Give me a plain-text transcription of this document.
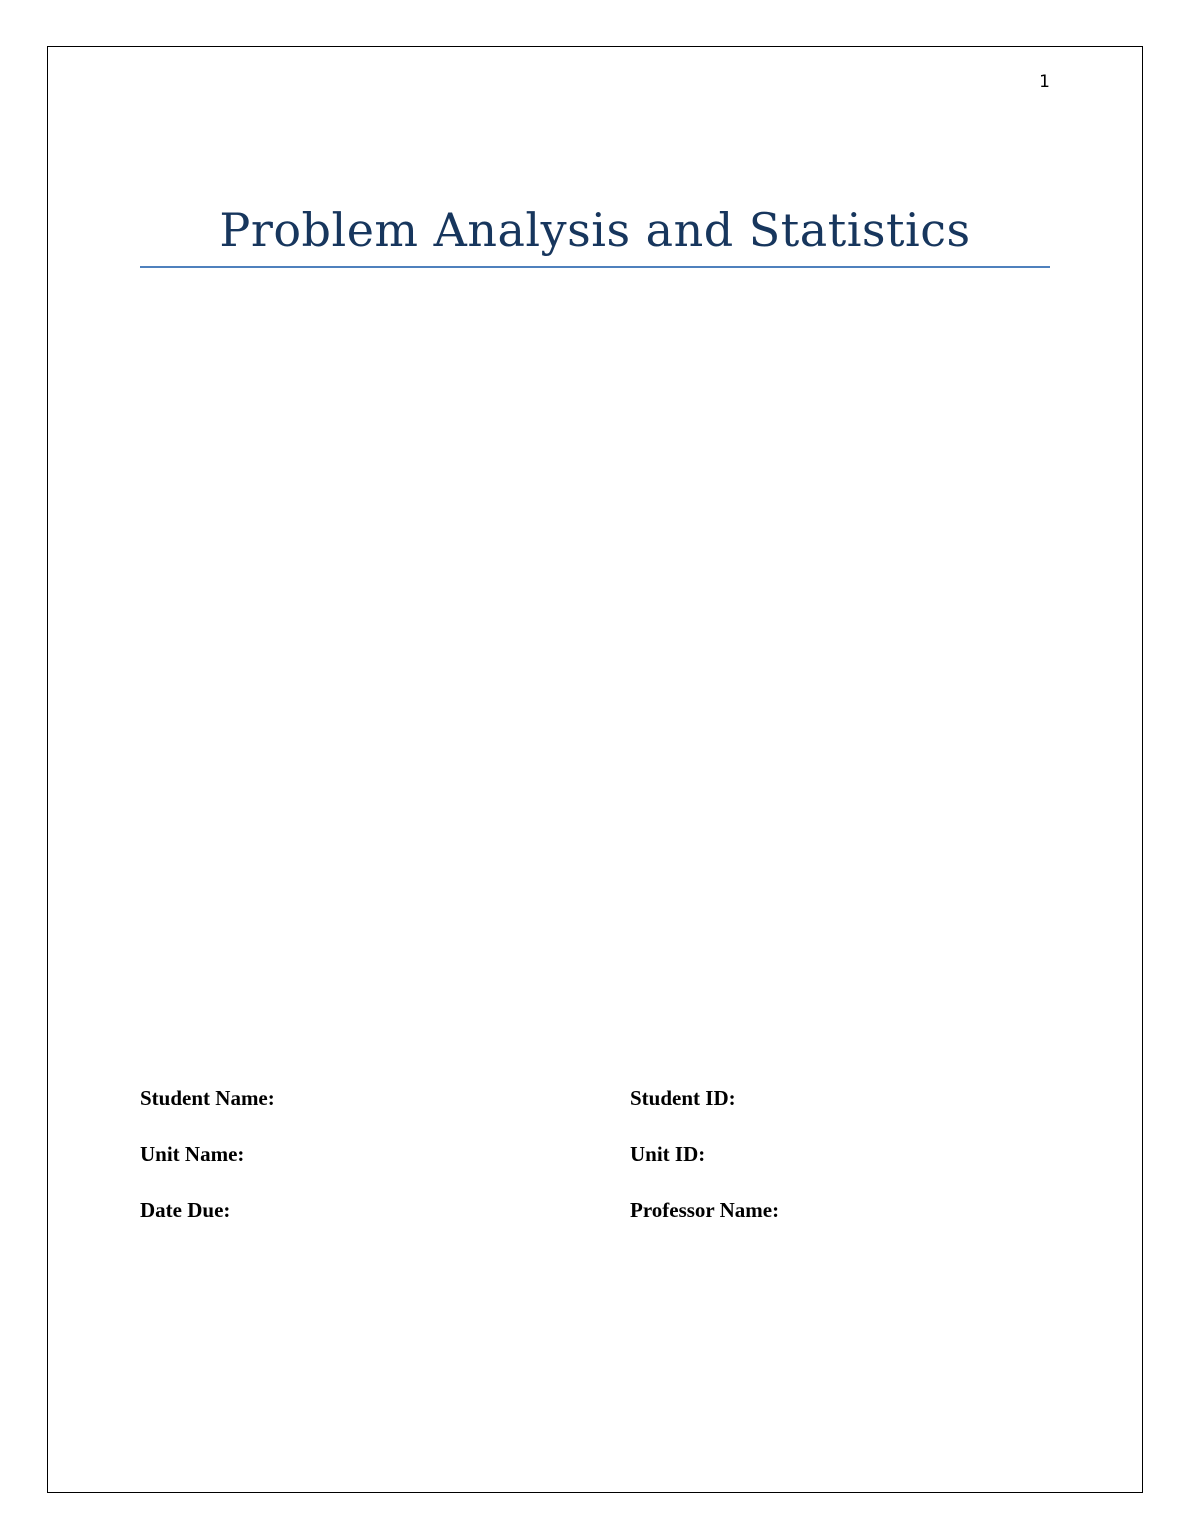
1
Problem Analysis and Statistics
Student Name:	Student ID:
Unit Name:	Unit ID:
Date Due:	Professor Name:
